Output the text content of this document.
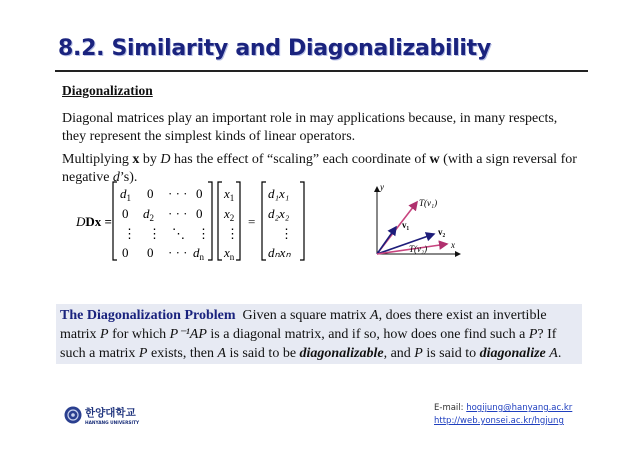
8.2. Similarity and Diagonalizability
Diagonalization
Diagonal matrices play an important role in may applications because, in many respects, they represent the simplest kinds of linear operators.
Multiplying x by D has the effect of “scaling” each coordinate of w (with a sign reversal for negative d’s).
DDx =
$d_1$ 0 · · · 0
0 $d_2$ · · · 0
⋮ ⋮ ⋱ ⋮
0 0 · · · $d_n$
$x_1$
$x_2$
⋮
$x_n$
=
d₁x₁
d₂x₂
⋮
dₙxₙ
y
x
T(v₁)
v₁
v₂
T(v₂)
The Diagonalization Problem Given a square matrix A, does there exist an invertible matrix P for which P⁻¹AP is a diagonal matrix, and if so, how does one find such a P? If such a matrix P exists, then A is said to be diagonalizable, and P is said to diagonalize A.
한양대학교
HANYANG UNIVERSITY
E-mail: hogijung@hanyang.ac.kr
http://web.yonsei.ac.kr/hgjung
